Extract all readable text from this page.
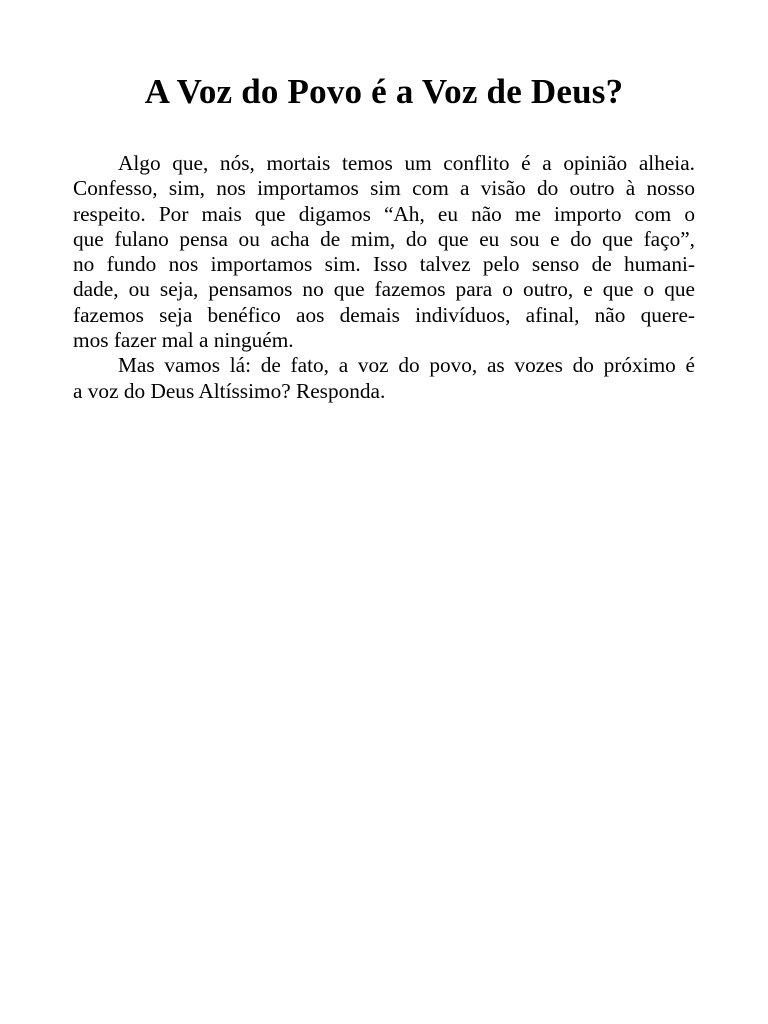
A Voz do Povo é a Voz de Deus?
Algo que, nós, mortais temos um conflito é a opinião alheia.
Confesso, sim, nos importamos sim com a visão do outro à nosso
respeito. Por mais que digamos “Ah, eu não me importo com o
que fulano pensa ou acha de mim, do que eu sou e do que faço”,
no fundo nos importamos sim. Isso talvez pelo senso de humani-
dade, ou seja, pensamos no que fazemos para o outro, e que o que
fazemos seja benéfico aos demais indivíduos, afinal, não quere-
mos fazer mal a ninguém.
Mas vamos lá: de fato, a voz do povo, as vozes do próximo é
a voz do Deus Altíssimo? Responda.
